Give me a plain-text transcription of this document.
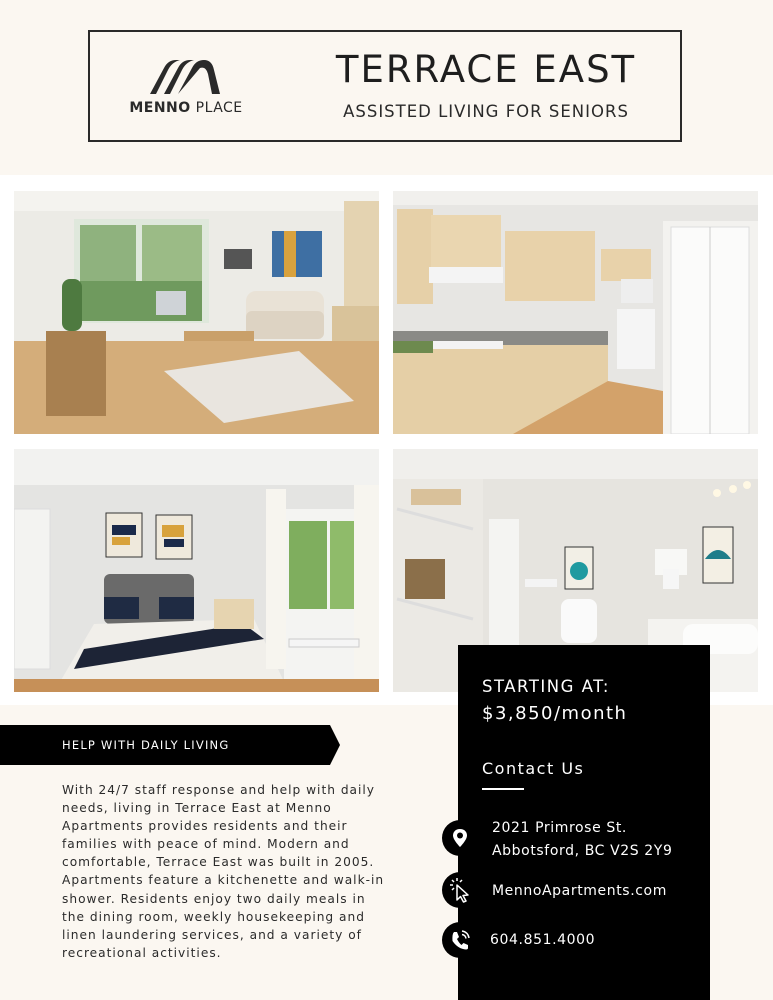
MENNO PLACE
TERRACE EAST
ASSISTED LIVING FOR SENIORS
HELP WITH DAILY LIVING
With 24/7 staff response and help with daily needs, living in Terrace East at Menno Apartments provides residents and their families with peace of mind. Modern and comfortable, Terrace East was built in 2005. Apartments feature a kitchenette and walk-in shower. Residents enjoy two daily meals in the dining room, weekly housekeeping and linen laundering services, and a variety of recreational activities.
STARTING AT:
$3,850/month
Contact Us
2021 Primrose St.
Abbotsford, BC V2S 2Y9
MennoApartments.com
604.851.4000
